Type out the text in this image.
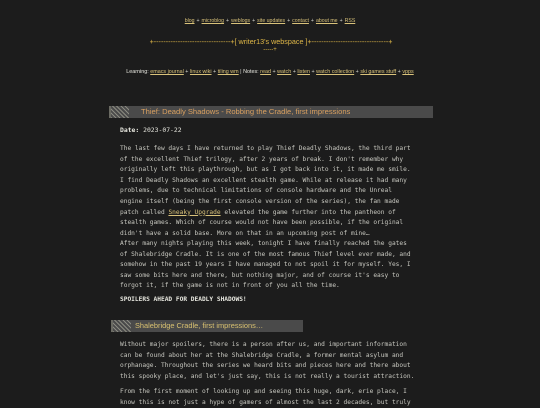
blog + microblog + weblogs + site updates + contact + about me + RSS
+--------------------------------+[ writer13's webspace ]+--------------------------------+
-----+
Learning: emacs journal + linux wiki + tiling wm | Notes: read + watch + listen + watch collection + ski games stuff + vpps
Thief: Deadly Shadows - Robbing the Cradle, first impressions
Date: 2023-07-22
The last few days I have returned to play Thief Deadly Shadows, the third part
of the excellent Thief trilogy, after 2 years of break. I don't remember why
originally left this playthrough, but as I got back into it, it made me smile.
I find Deadly Shadows an excellent stealth game. While at release it had many
problems, due to technical limitations of console hardware and the Unreal
engine itself (being the first console version of the series), the fan made
patch called Sneaky Upgrade elevated the game further into the pantheon of
stealth games. Which of course would not have been possible, if the original
didn't have a solid base. More on that in an upcoming post of mine…
After many nights playing this week, tonight I have finally reached the gates
of Shalebridge Cradle. It is one of the most famous Thief level ever made, and
somehow in the past 19 years I have managed to not spoil it for myself. Yes, I
saw some bits here and there, but nothing major, and of course it's easy to
forgot it, if the game is not in front of you all the time.
SPOILERS AHEAD FOR DEADLY SHADOWS!
Shalebridge Cradle, first impressions…
Without major spoilers, there is a person after us, and important information
can be found about her at the Shalebridge Cradle, a former mental asylum and
orphanage. Throughout the series we heard bits and pieces here and there about
this spooky place, and let's just say, this is not really a tourist attraction.
From the first moment of looking up and seeing this huge, dark, erie place, I
know this is not just a hype of gamers of almost the last 2 decades, but truly
